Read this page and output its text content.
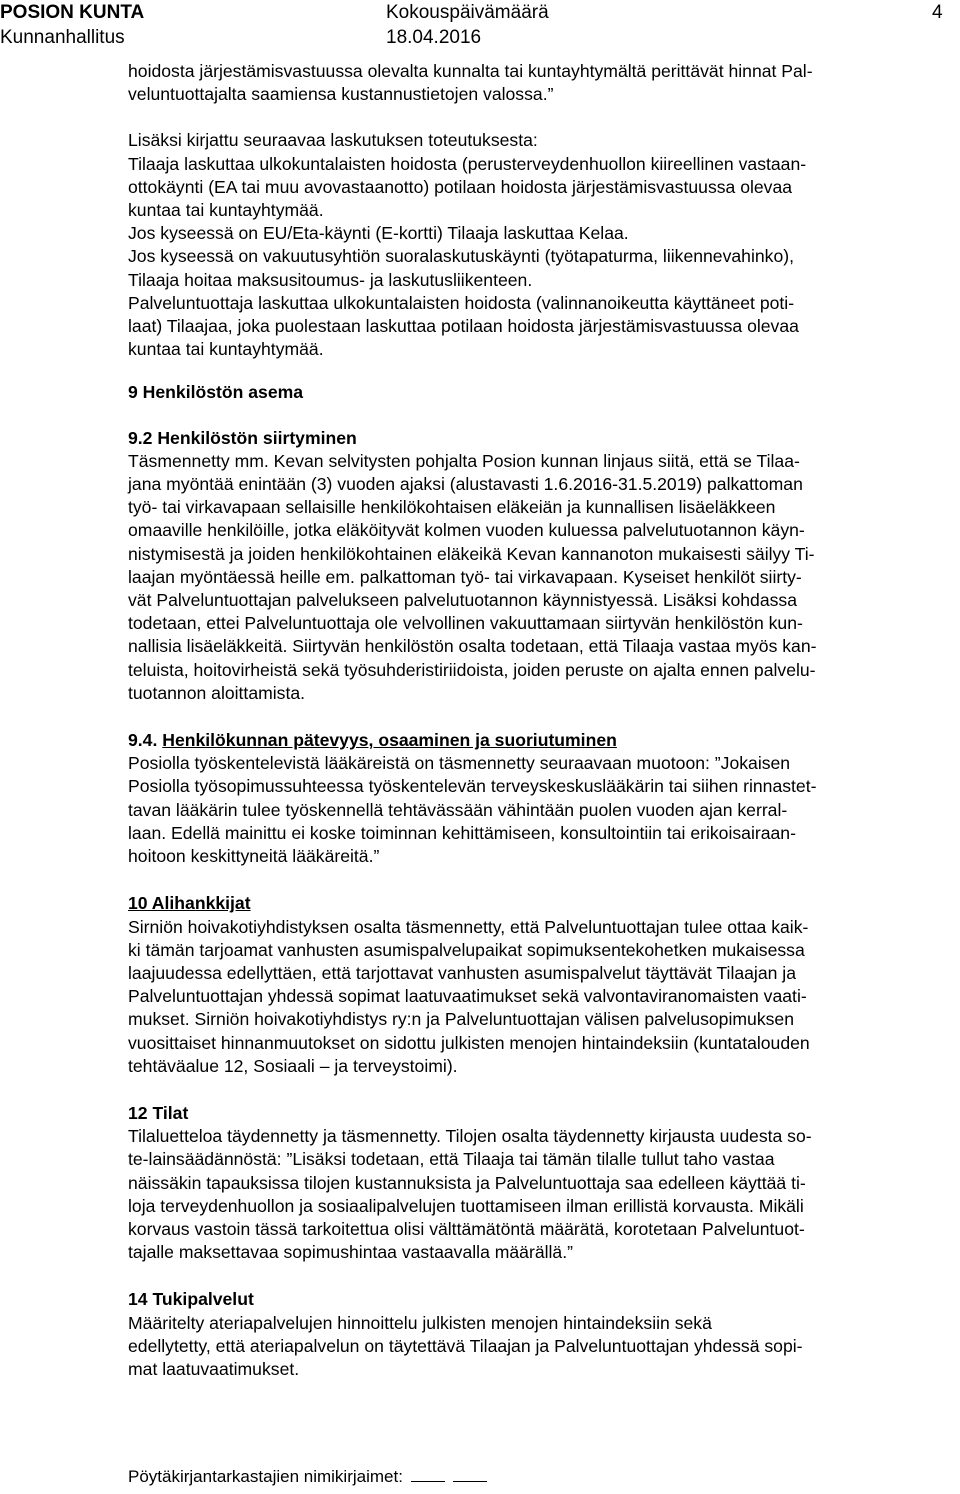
POSION KUNTA
Kunnanhallitus
Kokouspäivämäärä
18.04.2016
4
hoidosta järjestämisvastuussa olevalta kunnalta tai kuntayhtymältä perittävät hinnat Pal-
veluntuottajalta saamiensa kustannustietojen valossa.”
Lisäksi kirjattu seuraavaa laskutuksen toteutuksesta:
Tilaaja laskuttaa ulkokuntalaisten hoidosta (perusterveydenhuollon kiireellinen vastaan-
ottokäynti (EA tai muu avovastaanotto) potilaan hoidosta järjestämisvastuussa olevaa
kuntaa tai kuntayhtymää.
Jos kyseessä on EU/Eta-käynti (E-kortti) Tilaaja laskuttaa Kelaa.
Jos kyseessä on vakuutusyhtiön suoralaskutuskäynti (työtapaturma, liikennevahinko),
Tilaaja hoitaa maksusitoumus- ja laskutusliikenteen.
Palveluntuottaja laskuttaa ulkokuntalaisten hoidosta (valinnanoikeutta käyttäneet poti-
laat) Tilaajaa, joka puolestaan laskuttaa potilaan hoidosta järjestämisvastuussa olevaa
kuntaa tai kuntayhtymää.
9 Henkilöstön asema
9.2 Henkilöstön siirtyminen
Täsmennetty mm. Kevan selvitysten pohjalta Posion kunnan linjaus siitä, että se Tilaa-
jana myöntää enintään (3) vuoden ajaksi (alustavasti 1.6.2016-31.5.2019) palkattoman
työ- tai virkavapaan sellaisille henkilökohtaisen eläkeiän ja kunnallisen lisäeläkkeen
omaaville henkilöille, jotka eläköityvät kolmen vuoden kuluessa palvelutuotannon käyn-
nistymisestä ja joiden henkilökohtainen eläkeikä Kevan kannanoton mukaisesti säilyy Ti-
laajan myöntäessä heille em. palkattoman työ- tai virkavapaan. Kyseiset henkilöt siirty-
vät Palveluntuottajan palvelukseen palvelutuotannon käynnistyessä. Lisäksi kohdassa
todetaan, ettei Palveluntuottaja ole velvollinen vakuuttamaan siirtyvän henkilöstön kun-
nallisia lisäeläkkeitä. Siirtyvän henkilöstön osalta todetaan, että Tilaaja vastaa myös kan-
teluista, hoitovirheistä sekä työsuhderistiriidoista, joiden peruste on ajalta ennen palvelu-
tuotannon aloittamista.
9.4. Henkilökunnan pätevyys, osaaminen ja suoriutuminen
Posiolla työskentelevistä lääkäreistä on täsmennetty seuraavaan muotoon: ”Jokaisen
Posiolla työsopimussuhteessa työskentelevän terveyskeskuslääkärin tai siihen rinnastet-
tavan lääkärin tulee työskennellä tehtävässään vähintään puolen vuoden ajan kerral-
laan. Edellä mainittu ei koske toiminnan kehittämiseen, konsultointiin tai erikoisairaan-
hoitoon keskittyneitä lääkäreitä.”
10 Alihankkijat
Sirniön hoivakotiyhdistyksen osalta täsmennetty, että Palveluntuottajan tulee ottaa kaik-
ki tämän tarjoamat vanhusten asumispalvelupaikat sopimuksentekohetken mukaisessa
laajuudessa edellyttäen, että tarjottavat vanhusten asumispalvelut täyttävät Tilaajan ja
Palveluntuottajan yhdessä sopimat laatuvaatimukset sekä valvontaviranomaisten vaati-
mukset. Sirniön hoivakotiyhdistys ry:n ja Palveluntuottajan välisen palvelusopimuksen
vuosittaiset hinnanmuutokset on sidottu julkisten menojen hintaindeksiin (kuntatalouden
tehtäväalue 12, Sosiaali – ja terveystoimi).
12 Tilat
Tilaluetteloa täydennetty ja täsmennetty. Tilojen osalta täydennetty kirjausta uudesta so-
te-lainsäädännöstä: ”Lisäksi todetaan, että Tilaaja tai tämän tilalle tullut taho vastaa
näissäkin tapauksissa tilojen kustannuksista ja Palveluntuottaja saa edelleen käyttää ti-
loja terveydenhuollon ja sosiaalipalvelujen tuottamiseen ilman erillistä korvausta. Mikäli
korvaus vastoin tässä tarkoitettua olisi välttämätöntä määrätä, korotetaan Palveluntuot-
tajalle maksettavaa sopimushintaa vastaavalla määrällä.”
14 Tukipalvelut
Määritelty ateriapalvelujen hinnoittelu julkisten menojen hintaindeksiin sekä
edellytetty, että ateriapalvelun on täytettävä Tilaajan ja Palveluntuottajan yhdessä sopi-
mat laatuvaatimukset.
Pöytäkirjantarkastajien nimikirjaimet:
